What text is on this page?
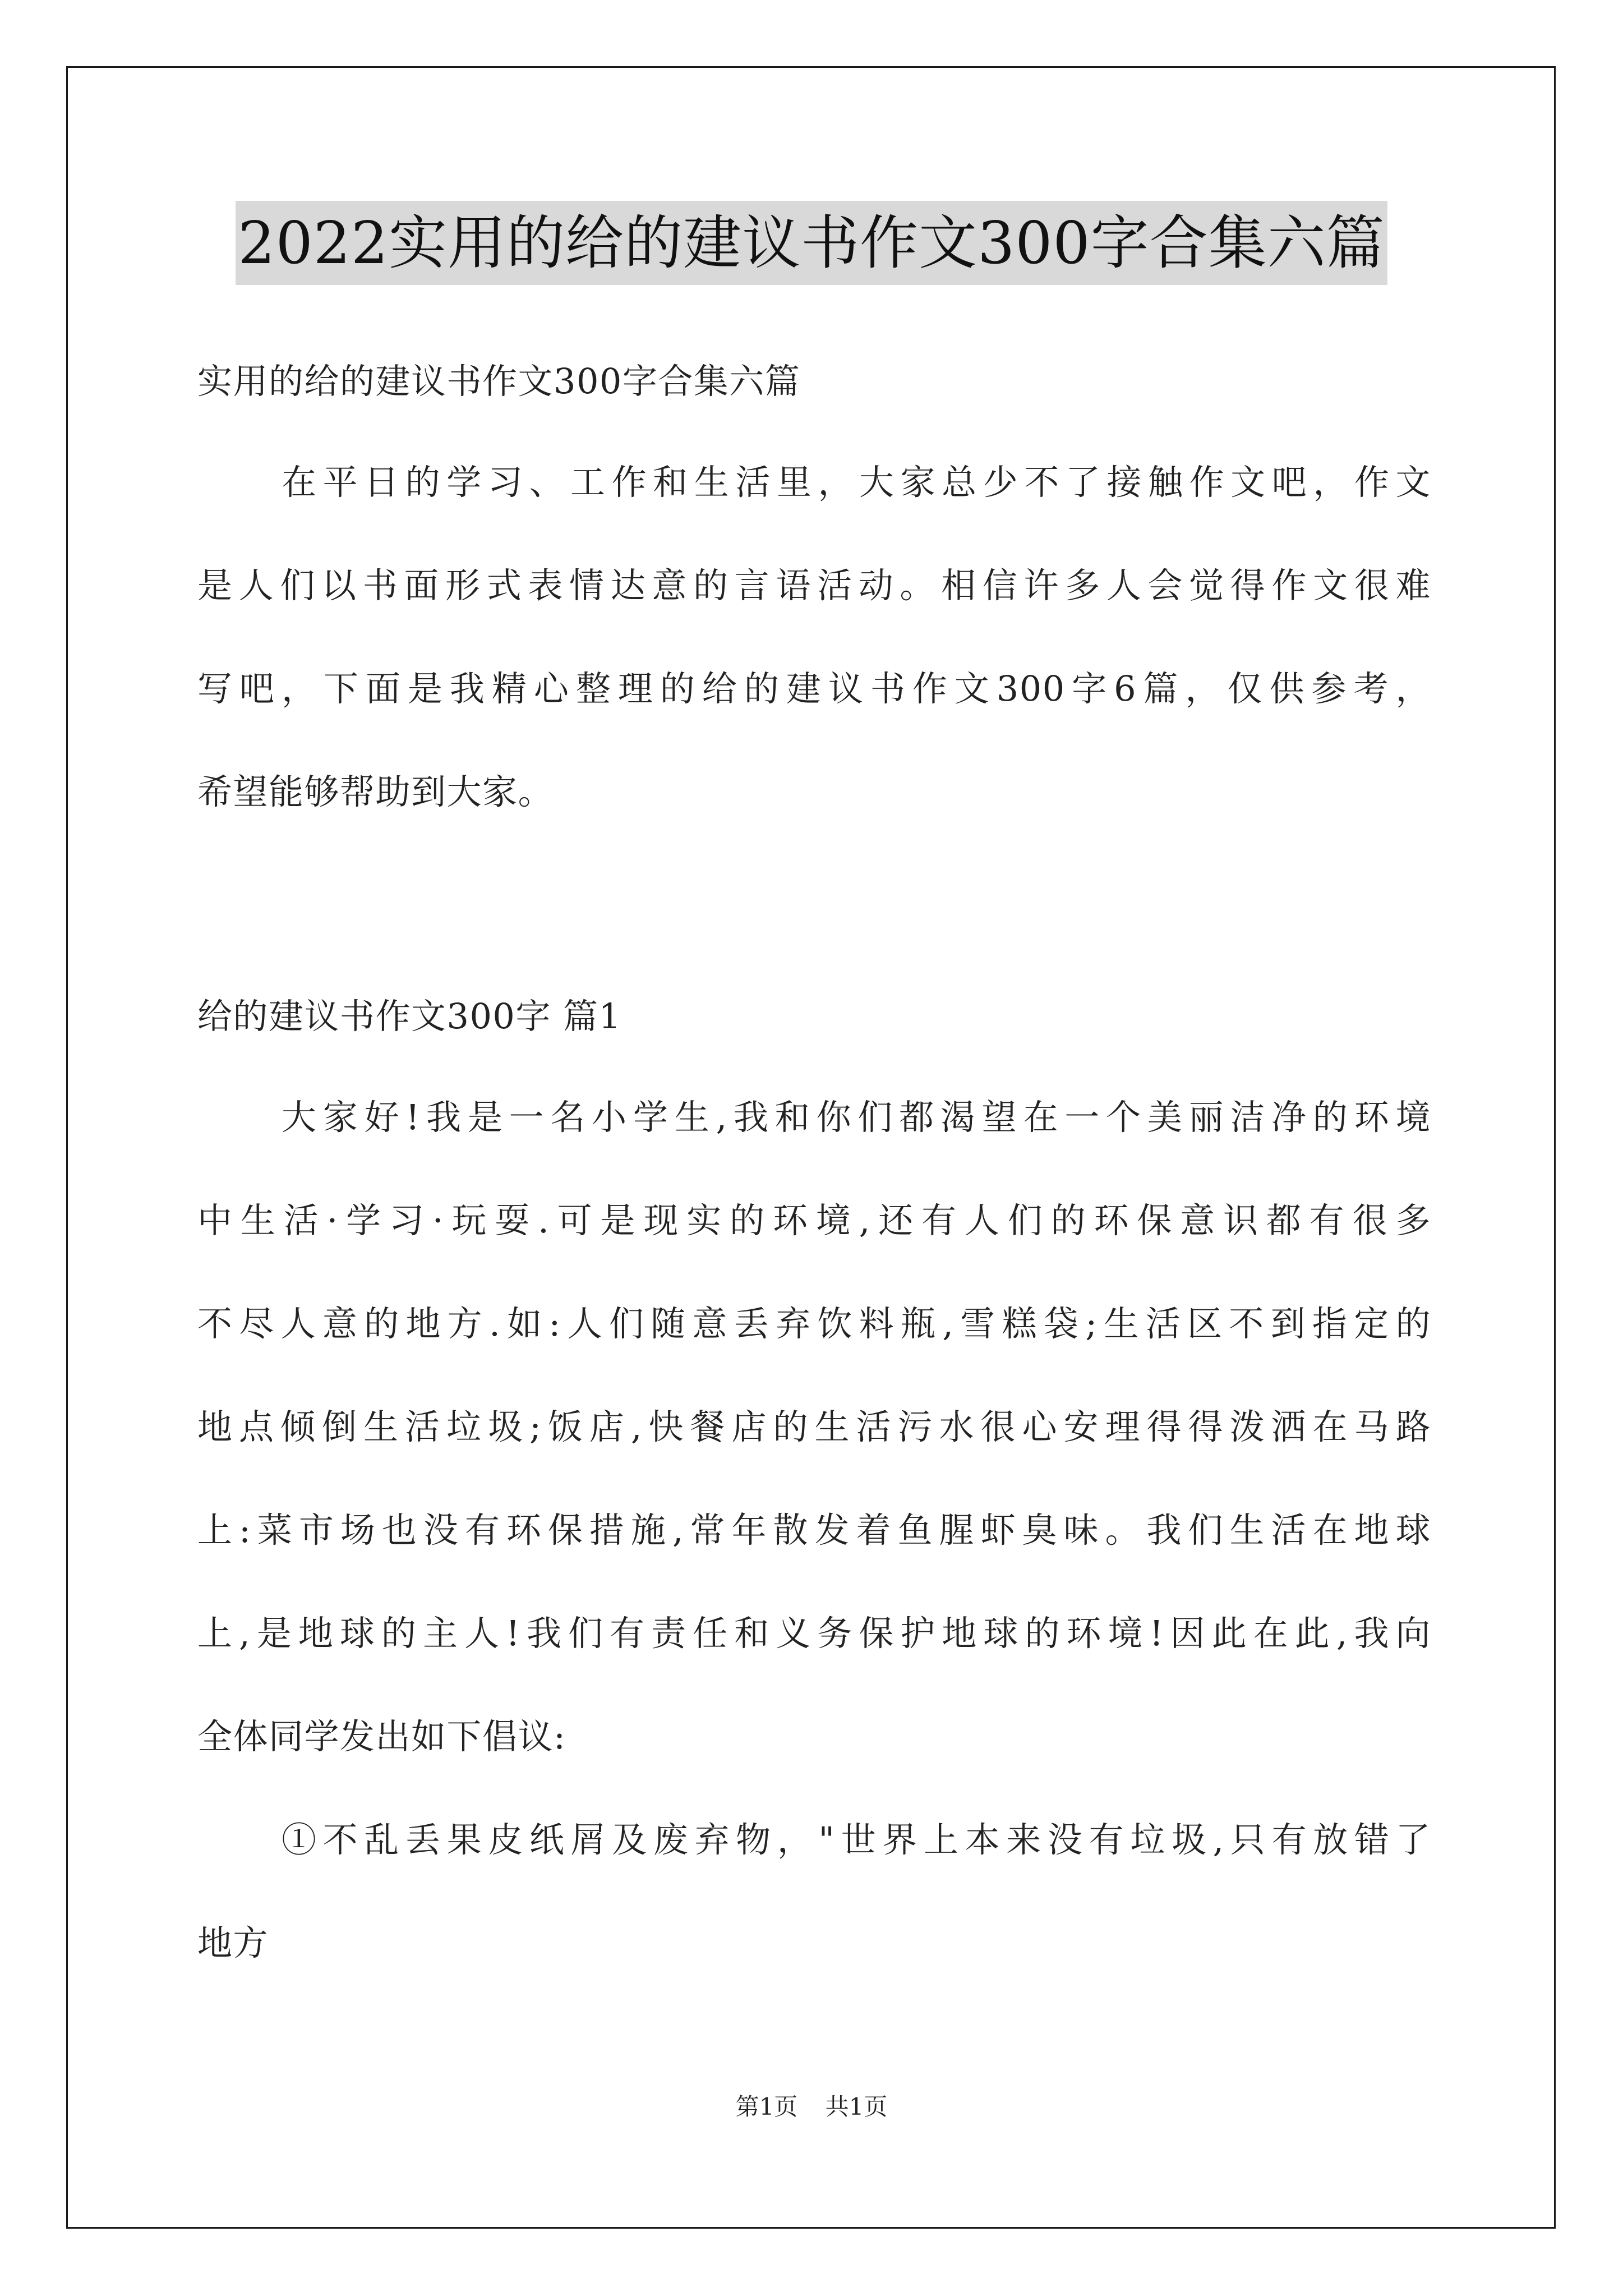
2022实用的给的建议书作文300字合集六篇
实用的给的建议书作文300字合集六篇
在平日的学习、工作和生活里，大家总少不了接触作文吧，作文
是人们以书面形式表情达意的言语活动。相信许多人会觉得作文很难
写吧，下面是我精心整理的给的建议书作文300字6篇，仅供参考，
希望能够帮助到大家。
给的建议书作文300字 篇1
大家好!我是一名小学生,我和你们都渴望在一个美丽洁净的环境
中生活·学习·玩耍.可是现实的环境,还有人们的环保意识都有很多
不尽人意的地方.如:人们随意丢弃饮料瓶,雪糕袋;生活区不到指定的
地点倾倒生活垃圾;饭店,快餐店的生活污水很心安理得得泼洒在马路
上:菜市场也没有环保措施,常年散发着鱼腥虾臭味。我们生活在地球
上,是地球的主人!我们有责任和义务保护地球的环境!因此在此,我向
全体同学发出如下倡议:
①不乱丢果皮纸屑及废弃物，"世界上本来没有垃圾,只有放错了
地方
第1页 共1页
